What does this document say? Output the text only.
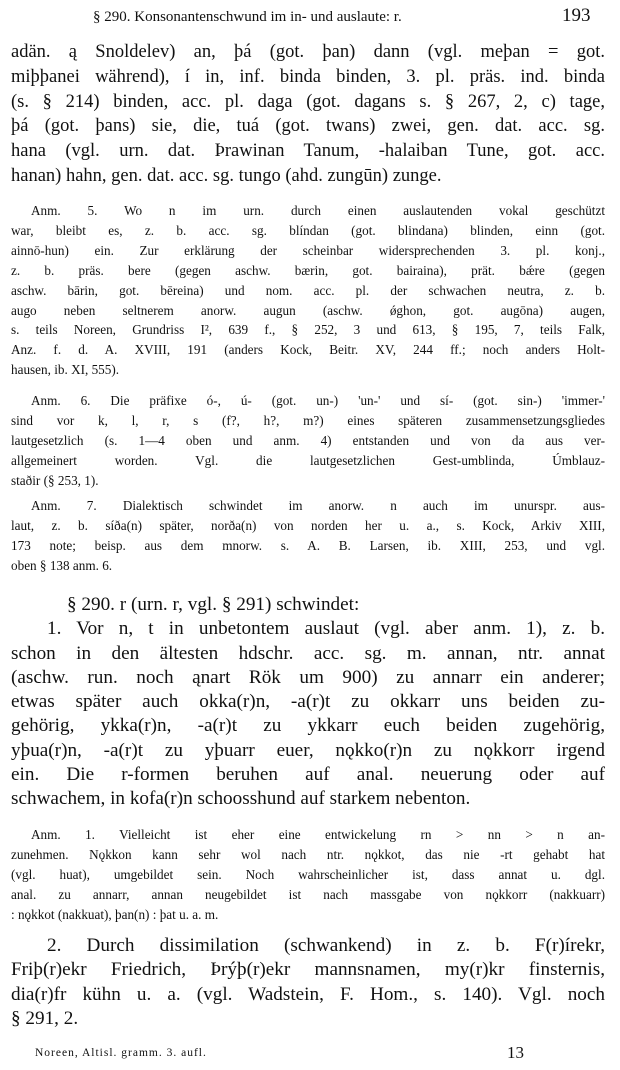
§ 290. Konsonantenschwund im in- und auslaute: r.	193

adän. ą Snoldelev) an, þá (got. þan) dann (vgl. meþan = got.
miþþanei während), í in, inf. binda binden, 3. pl. präs. ind. binda
(s. § 214) binden, acc. pl. daga (got. dagans s. § 267, 2, c) tage,
þá (got. þans) sie, die, tuá (got. twans) zwei, gen. dat. acc. sg.
hana (vgl. urn. dat. Þrawinan Tanum, -halaiban Tune, got. acc.
hanan) hahn, gen. dat. acc. sg. tungo (ahd. zungūn) zunge.

Anm. 5. Wo n im urn. durch einen auslautenden vokal geschützt
war, bleibt es, z. b. acc. sg. blíndan (got. blindana) blinden, einn (got.
ainnō-hun) ein. Zur erklärung der scheinbar widersprechenden 3. pl. konj.,
z. b. präs. bere (gegen aschw. bærin, got. bairaina), prät. bǽre (gegen
aschw. bārin, got. bēreina) und nom. acc. pl. der schwachen neutra, z. b.
augo neben seltnerem anorw. augun (aschw. ǿghon, got. augōna) augen,
s. teils Noreen, Grundriss I², 639 f., § 252, 3 und 613, § 195, 7, teils Falk,
Anz. f. d. A. XVIII, 191 (anders Kock, Beitr. XV, 244 ff.; noch anders Holt-
hausen, ib. XI, 555).

Anm. 6. Die präfixe ó-, ú- (got. un-) 'un-' und sí- (got. sin-) 'immer-'
sind vor k, l, r, s (f?, h?, m?) eines späteren zusammensetzungsgliedes
lautgesetzlich (s. 1—4 oben und anm. 4) entstanden und von da aus ver-
allgemeinert worden. Vgl. die lautgesetzlichen Gest-umblinda, Úmblauz-
staðir (§ 253, 1).

Anm. 7. Dialektisch schwindet im anorw. n auch im unurspr. aus-
laut, z. b. síða(n) später, norða(n) von norden her u. a., s. Kock, Arkiv XIII,
173 note; beisp. aus dem mnorw. s. A. B. Larsen, ib. XIII, 253, und vgl.
oben § 138 anm. 6.

§ 290. r (urn. r, vgl. § 291) schwindet:
1. Vor n, t in unbetontem auslaut (vgl. aber anm. 1), z. b.
schon in den ältesten hdschr. acc. sg. m. annan, ntr. annat
(aschw. run. noch ąnart Rök um 900) zu annarr ein anderer;
etwas später auch okka(r)n, -a(r)t zu okkarr uns beiden zu-
gehörig, ykka(r)n, -a(r)t zu ykkarr euch beiden zugehörig,
yþua(r)n, -a(r)t zu yþuarr euer, nǫkko(r)n zu nǫkkorr irgend
ein. Die r-formen beruhen auf anal. neuerung oder auf
schwachem, in kofa(r)n schoosshund auf starkem nebenton.

Anm. 1. Vielleicht ist eher eine entwickelung rn > nn > n an-
zunehmen. Nǫkkon kann sehr wol nach ntr. nǫkkot, das nie -rt gehabt hat
(vgl. huat), umgebildet sein. Noch wahrscheinlicher ist, dass annat u. dgl.
anal. zu annarr, annan neugebildet ist nach massgabe von nǫkkorr (nakkuarr)
: nǫkkot (nakkuat), þan(n) : þat u. a. m.

2. Durch dissimilation (schwankend) in z. b. F(r)írekr,
Friþ(r)ekr Friedrich, Þrýþ(r)ekr mannsnamen, my(r)kr finsternis,
dia(r)fr kühn u. a. (vgl. Wadstein, F. Hom., s. 140). Vgl. noch
§ 291, 2.

Noreen, Altisl. gramm. 3. aufl.	13
